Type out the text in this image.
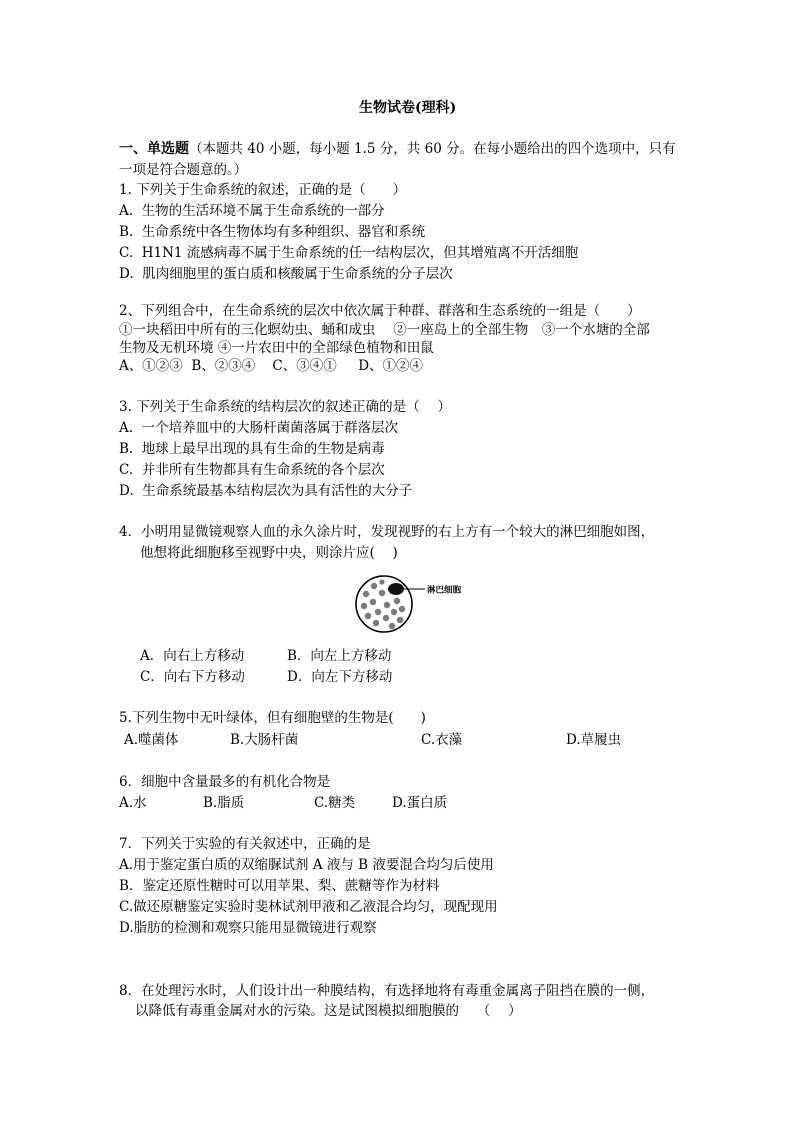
生物试卷(理科)
一、单选题（本题共 40 小题，每小题 1.5 分，共 60 分。在每小题给出的四个选项中，只有
一项是符合题意的。）
1. 下列关于生命系统的叙述，正确的是（　　）
A.  生物的生活环境不属于生命系统的一部分
B.  生命系统中各生物体均有多种组织、器官和系统
C.  H1N1 流感病毒不属于生命系统的任一结构层次，但其增殖离不开活细胞
D.  肌肉细胞里的蛋白质和核酸属于生命系统的分子层次
2、下列组合中，在生命系统的层次中依次属于种群、群落和生态系统的一组是（　　）
①一块稻田中所有的三化螟幼虫、蛹和成虫　 ②一座岛上的全部生物　③一个水塘的全部
生物及无机环境 ④一片农田中的全部绿色植物和田鼠
A、①②③  B、②③④    C、③④①     D、①②④
3. 下列关于生命系统的结构层次的叙述正确的是（　 ）
A.  一个培养皿中的大肠杆菌菌落属于群落层次
B.  地球上最早出现的具有生命的生物是病毒
C.  并非所有生物都具有生命系统的各个层次
D.  生命系统最基本结构层次为具有活性的大分子
4．小明用显微镜观察人血的永久涂片时，发现视野的右上方有一个较大的淋巴细胞如图，
他想将此细胞移至视野中央，则涂片应(　 )
淋巴细胞
A．向右上方移动	B．向左上方移动
C．向右下方移动	D．向左下方移动
5.下列生物中无叶绿体，但有细胞壁的生物是(　　)
A.噬菌体	B.大肠杆菌	C.衣藻	D.草履虫
6．细胞中含量最多的有机化合物是
A.水	B.脂质	C.糖类	D.蛋白质
7．下列关于实验的有关叙述中，正确的是
A.用于鉴定蛋白质的双缩脲试剂 A 液与 B 液要混合均匀后使用
B．鉴定还原性糖时可以用苹果、梨、蔗糖等作为材料
C.做还原糖鉴定实验时斐林试剂甲液和乙液混合均匀，现配现用
D.脂肪的检测和观察只能用显微镜进行观察
8．在处理污水时，人们设计出一种膜结构，有选择地将有毒重金属离子阻挡在膜的一侧，
以降低有毒重金属对水的污染。这是试图模拟细胞膜的　 （　 ）
